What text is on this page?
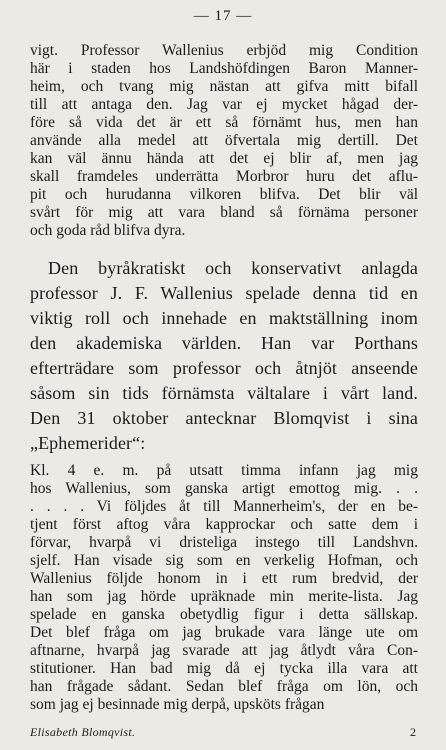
— 17 —
vigt. Professor Wallenius erbjöd mig Condition
här i staden hos Landshöfdingen Baron Manner-
heim, och tvang mig nästan att gifva mitt bifall
till att antaga den. Jag var ej mycket hågad der-
före så vida det är ett så förnämt hus, men han
använde alla medel att öfvertala mig dertill. Det
kan väl ännu hända att det ej blir af, men jag
skall framdeles underrätta Morbror huru det aflu-
pit och hurudanna vilkoren blifva. Det blir väl
svårt för mig att vara bland så förnäma personer
och goda råd blifva dyra.
Den byråkratiskt och konservativt anlagda
professor J. F. Wallenius spelade denna tid en
viktig roll och innehade en maktställning inom
den akademiska världen. Han var Porthans
efterträdare som professor och åtnjöt anseende
såsom sin tids förnämsta vältalare i vårt land.
Den 31 oktober antecknar Blomqvist i sina
„Ephemerider“:
Kl. 4 e. m. på utsatt timma infann jag mig
hos Wallenius, som ganska artigt emottog mig. . .
. . . . Vi följdes åt till Mannerheim's, der en be-
tjent först aftog våra kapprockar och satte dem i
förvar, hvarpå vi dristeliga instego till Landshvn.
sjelf. Han visade sig som en verkelig Hofman, och
Wallenius följde honom in i ett rum bredvid, der
han som jag hörde upräknade min merite-lista. Jag
spelade en ganska obetydlig figur i detta sällskap.
Det blef fråga om jag brukade vara länge ute om
aftnarne, hvarpå jag svarade att jag åtlydt våra Con-
stitutioner. Han bad mig då ej tycka illa vara att
han frågade sådant. Sedan blef fråga om lön, och
som jag ej besinnade mig derpå, upsköts frågan
Elisabeth Blomqvist.	2
